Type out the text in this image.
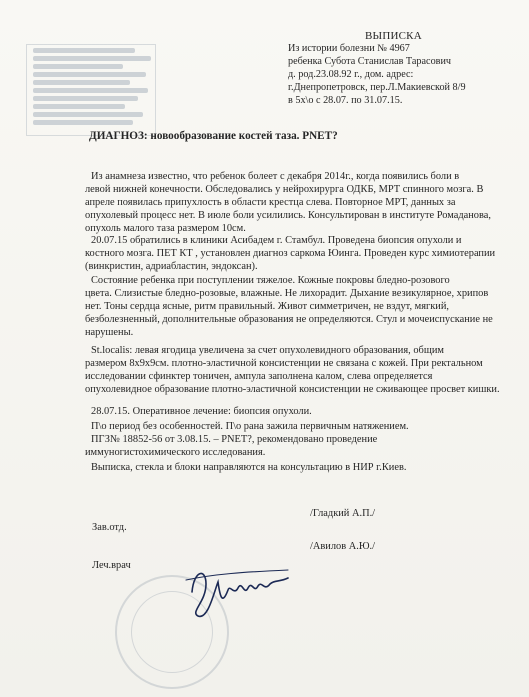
ВЫПИСКА
Из истории болезни № 4967
ребенка Субота Станислав Тарасович
д. род.23.08.92 г., дом. адрес:
г.Днепропетровск, пер.Л.Макиевской 8/9
в 5х\о с 28.07. по 31.07.15.
ДИАГНОЗ: новообразование костей таза. PNET?
Из анамнеза известно, что ребенок болеет с декабря 2014г., когда появились боли в
левой нижней конечности. Обследовались у нейрохирурга ОДКБ, МРТ спинного мозга. В
апреле появилась припухлость в области крестца слева. Повторное МРТ, данных за
опухолевый процесс нет. В июле боли усилились. Консультирован в институте Ромаданова,
опухоль малого таза размером 10см.
20.07.15 обратились в клиники Асибадем г. Стамбул. Проведена биопсия опухоли и
костного мозга. ПЕТ КТ , установлен диагноз саркома Юинга. Проведен курс химиотерапии
(винкристин, адриабластин, эндоксан).
Состояние ребенка при поступлении тяжелое. Кожные покровы бледно-розового
цвета. Слизистые бледно-розовые, влажные. Не лихорадит. Дыхание везикулярное, хрипов
нет. Тоны сердца ясные, ритм правильный. Живот симметричен, не вздут, мягкий,
безболезненный, дополнительные образования не определяются. Стул и мочеиспускание не
нарушены.
St.localis: левая ягодица увеличена за счет опухолевидного образования, общим
размером 8х9х9см. плотно-эластичной консистенции не связана с кожей. При ректальном
исследовании сфинктер тоничен, ампула заполнена калом, слева определяется
опухолевидное образование плотно-эластичной консистенции не сживающее просвет кишки.
28.07.15. Оперативное лечение: биопсия опухоли.
П\о период без особенностей. П\о рана зажила первичным натяжением.
ПГЗ№ 18852-56 от 3.08.15. – PNET?, рекомендовано проведение
иммуногистохимического исследования.
Выписка, стекла и блоки направляются на консультацию в НИР г.Киев.
Зав.отд.
Леч.врач
/Гладкий А.П./
/Авилов А.Ю./
